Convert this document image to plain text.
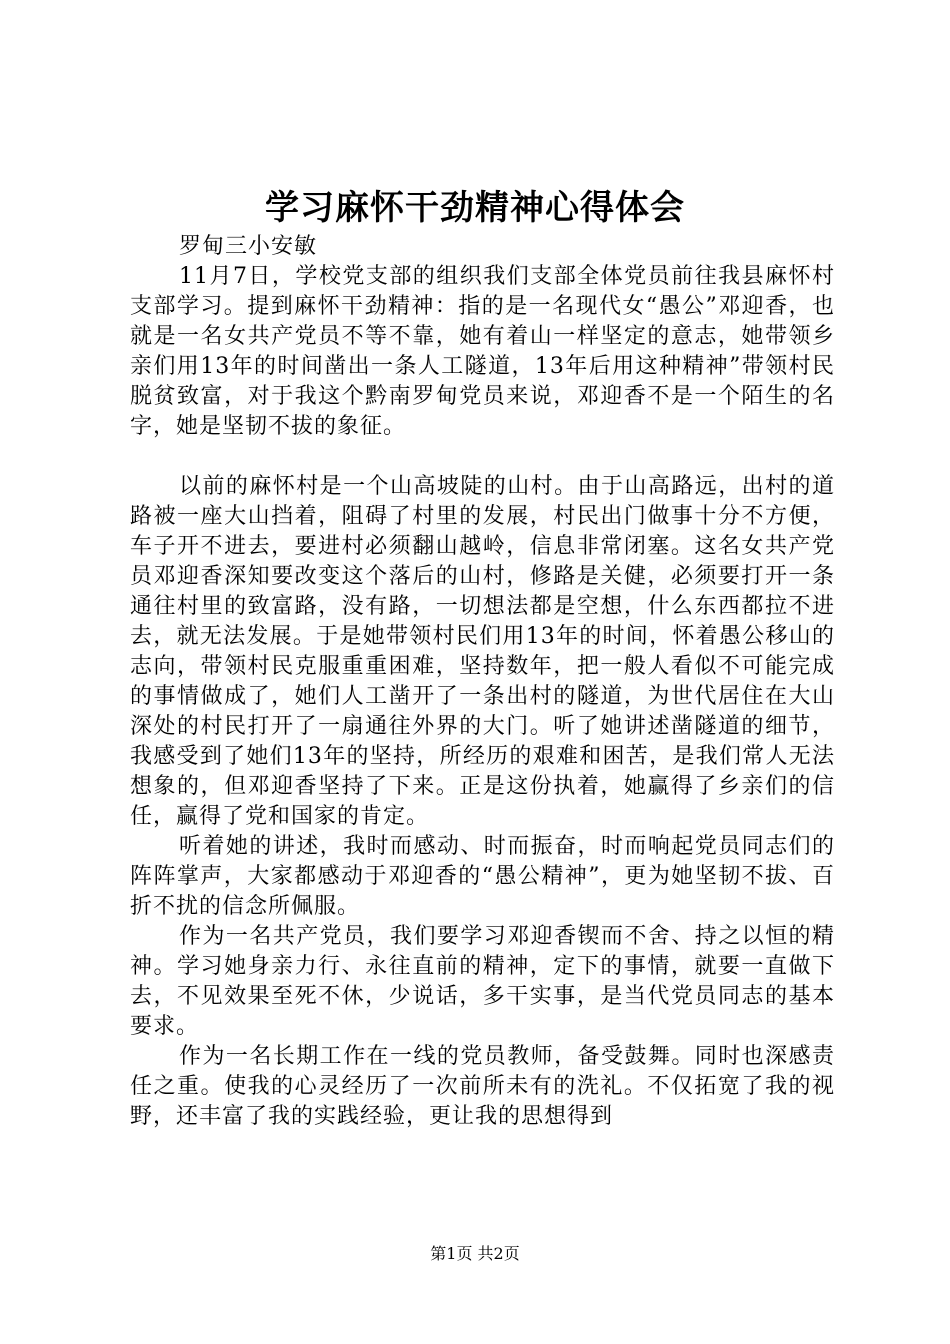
学习麻怀干劲精神心得体会

罗甸三小安敏

11月7日，学校党支部的组织我们支部全体党员前往我县麻怀村支部学习。提到麻怀干劲精神：指的是一名现代女“愚公”邓迎香，也就是一名女共产党员不等不靠，她有着山一样坚定的意志，她带领乡亲们用13年的时间凿出一条人工隧道，13年后用这种精神”带领村民脱贫致富，对于我这个黔南罗甸党员来说，邓迎香不是一个陌生的名字，她是坚韧不拔的象征。

以前的麻怀村是一个山高坡陡的山村。由于山高路远，出村的道路被一座大山挡着，阻碍了村里的发展，村民出门做事十分不方便，车子开不进去，要进村必须翻山越岭，信息非常闭塞。这名女共产党员邓迎香深知要改变这个落后的山村，修路是关健，必须要打开一条通往村里的致富路，没有路，一切想法都是空想，什么东西都拉不进去，就无法发展。于是她带领村民们用13年的时间，怀着愚公移山的志向，带领村民克服重重困难，坚持数年，把一般人看似不可能完成的事情做成了，她们人工凿开了一条出村的隧道，为世代居住在大山深处的村民打开了一扇通往外界的大门。听了她讲述凿隧道的细节，我感受到了她们13年的坚持，所经历的艰难和困苦，是我们常人无法想象的，但邓迎香坚持了下来。正是这份执着，她赢得了乡亲们的信任，赢得了党和国家的肯定。

听着她的讲述，我时而感动、时而振奋，时而响起党员同志们的阵阵掌声，大家都感动于邓迎香的“愚公精神”，更为她坚韧不拔、百折不扰的信念所佩服。

作为一名共产党员，我们要学习邓迎香锲而不舍、持之以恒的精神。学习她身亲力行、永往直前的精神，定下的事情，就要一直做下去，不见效果至死不休，少说话，多干实事，是当代党员同志的基本要求。

作为一名长期工作在一线的党员教师，备受鼓舞。同时也深感责任之重。使我的心灵经历了一次前所未有的洗礼。不仅拓宽了我的视野，还丰富了我的实践经验，更让我的思想得到

第1页 共2页
